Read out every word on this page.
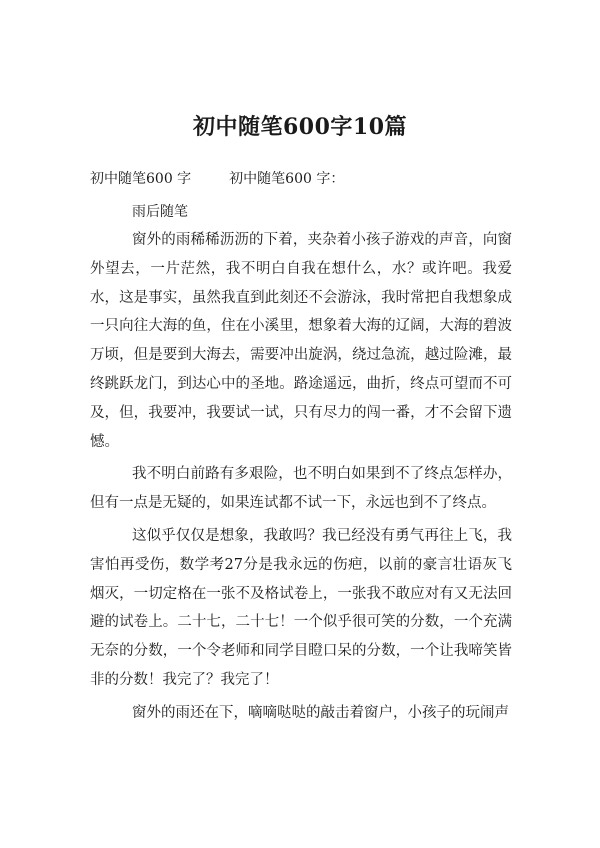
初中随笔600字10篇
初中随笔600 字	初中随笔600 字：
雨后随笔

窗外的雨稀稀沥沥的下着，夹杂着小孩子游戏的声音，向窗外望去，一片茫然，我不明白自我在想什么，水？或许吧。我爱水，这是事实，虽然我直到此刻还不会游泳，我时常把自我想象成一只向往大海的鱼，住在小溪里，想象着大海的辽阔，大海的碧波万顷，但是要到大海去，需要冲出旋涡，绕过急流，越过险滩，最终跳跃龙门，到达心中的圣地。路途遥远，曲折，终点可望而不可及，但，我要冲，我要试一试，只有尽力的闯一番，才不会留下遗憾。

我不明白前路有多艰险，也不明白如果到不了终点怎样办，但有一点是无疑的，如果连试都不试一下，永远也到不了终点。

这似乎仅仅是想象，我敢吗？我已经没有勇气再往上飞，我害怕再受伤，数学考27分是我永远的伤疤，以前的豪言壮语灰飞烟灭，一切定格在一张不及格试卷上，一张我不敢应对有又无法回避的试卷上。二十七，二十七！一个似乎很可笑的分数，一个充满无奈的分数，一个令老师和同学目瞪口呆的分数，一个让我啼笑皆非的分数！我完了？我完了！

窗外的雨还在下，嘀嘀哒哒的敲击着窗户，小孩子的玩闹声
